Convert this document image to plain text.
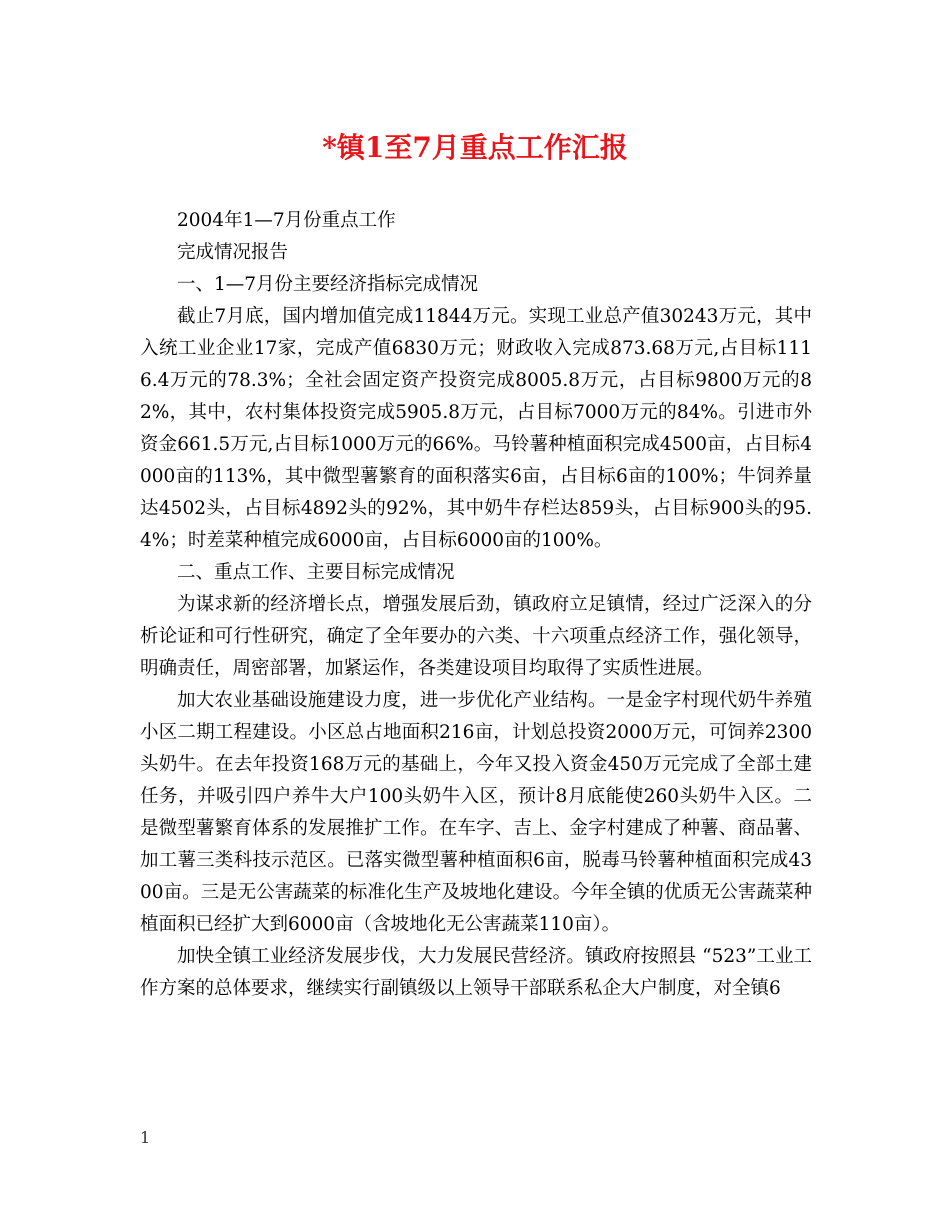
*镇1至7月重点工作汇报

2004年1—7月份重点工作

完成情况报告

一、1—7月份主要经济指标完成情况

截止7月底，国内增加值完成11844万元。实现工业总产值30243万元，其中入统工业企业17家，完成产值6830万元；财政收入完成873.68万元,占目标1116.4万元的78.3%；全社会固定资产投资完成8005.8万元，占目标9800万元的82%，其中，农村集体投资完成5905.8万元，占目标7000万元的84%。引进市外资金661.5万元,占目标1000万元的66%。马铃薯种植面积完成4500亩，占目标4000亩的113%，其中微型薯繁育的面积落实6亩，占目标6亩的100%；牛饲养量达4502头，占目标4892头的92%，其中奶牛存栏达859头，占目标900头的95.4%；时差菜种植完成6000亩，占目标6000亩的100%。

二、重点工作、主要目标完成情况

为谋求新的经济增长点，增强发展后劲，镇政府立足镇情，经过广泛深入的分析论证和可行性研究，确定了全年要办的六类、十六项重点经济工作，强化领导，明确责任，周密部署，加紧运作，各类建设项目均取得了实质性进展。

加大农业基础设施建设力度，进一步优化产业结构。一是金字村现代奶牛养殖小区二期工程建设。小区总占地面积216亩，计划总投资2000万元，可饲养2300头奶牛。在去年投资168万元的基础上，今年又投入资金450万元完成了全部土建任务，并吸引四户养牛大户100头奶牛入区，预计8月底能使260头奶牛入区。二是微型薯繁育体系的发展推扩工作。在车字、吉上、金字村建成了种薯、商品薯、加工薯三类科技示范区。已落实微型薯种植面积6亩，脱毒马铃薯种植面积完成4300亩。三是无公害蔬菜的标准化生产及坡地化建设。今年全镇的优质无公害蔬菜种植面积已经扩大到6000亩（含坡地化无公害蔬菜110亩）。

加快全镇工业经济发展步伐，大力发展民营经济。镇政府按照县 “523”工业工作方案的总体要求，继续实行副镇级以上领导干部联系私企大户制度，对全镇6

1
